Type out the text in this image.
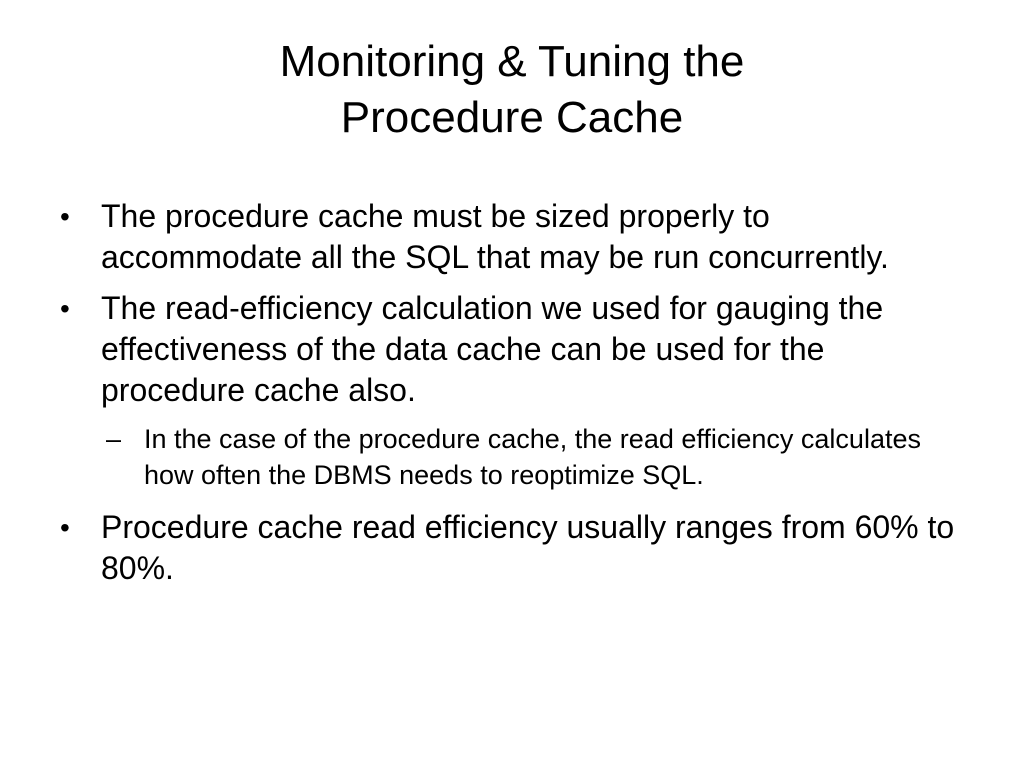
Monitoring & Tuning the
Procedure Cache
• The procedure cache must be sized properly to accommodate all the SQL that may be run concurrently.
• The read-efficiency calculation we used for gauging the effectiveness of the data cache can be used for the procedure cache also.
– In the case of the procedure cache, the read efficiency calculates how often the DBMS needs to reoptimize SQL.
• Procedure cache read efficiency usually ranges from 60% to 80%.
